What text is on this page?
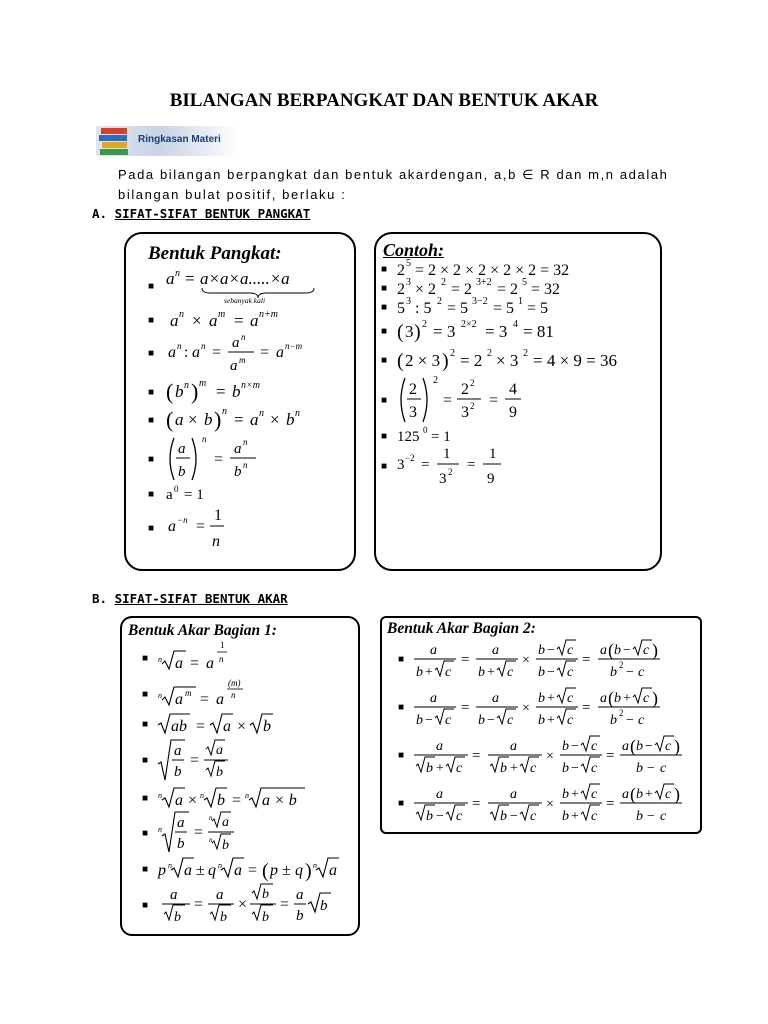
BILANGAN BERPANGKAT DAN BENTUK AKAR
Ringkasan Materi
Pada bilangan berpangkat dan bentuk akardengan, a,b ∈ R dan m,n adalah bilangan bulat positif, berlaku :
A. SIFAT-SIFAT BENTUK PANGKAT
Bentuk Pangkat:
■ a n = a×a×a.....×a
sebanyak kali
■ a n × a m = a n+m
■ a n : a n =
a n
a m = a n−m
■ ( b n ) m = b n×m
■ ( a × b ) n = a n × b n
■
a
b
n
=
a n
b n
■ a 0 = 1
■ a −n =
1
n
Contoh:
■ 2 5 = 2 × 2 × 2 × 2 × 2 = 32
■ 2 3 × 2 2 = 2 3+2 = 2 5 = 32
■ 5 3 : 5 2 = 5 3−2 = 5 1 = 5
■ ( 3 ) 2 = 3 2×2 = 3 4 = 81
■ ( 2 × 3 ) 2 = 2 2 × 3 2 = 4 × 9 = 36
■
2
3
2
=
2 2
3 2 =
4
9
■ 125 0 = 1
■ 3 −2 =
1
3 2 =
1
9
B. SIFAT-SIFAT BENTUK AKAR
Bentuk Akar Bagian 1:
■	n a = a
1
n
■	n a m = a
(m)
n
■	ab = a × b
■
a
b
=
a
b
■	n a × n b = n a × b
■	n a
b
=
n a
n b
■ p n a ± q n a = ( p ± q ) n a
■
a
b
=
a
b
×
b
b
=
a
b
b
Bentuk Akar Bagian 2:
■
a
b + c
=
a
b + c
×
b − c
b − c
=
a ( b − c )
b 2 − c
■
a
b − c
=
a
b − c
×
b + c
b + c
=
a ( b + c )
b 2 − c
■
a
b + c
=
a
b + c
×
b − c
b − c
=
a ( b − c )
b − c
■
a
b − c
=
a
b − c
×
b + c
b + c
=
a ( b + c )
b − c
